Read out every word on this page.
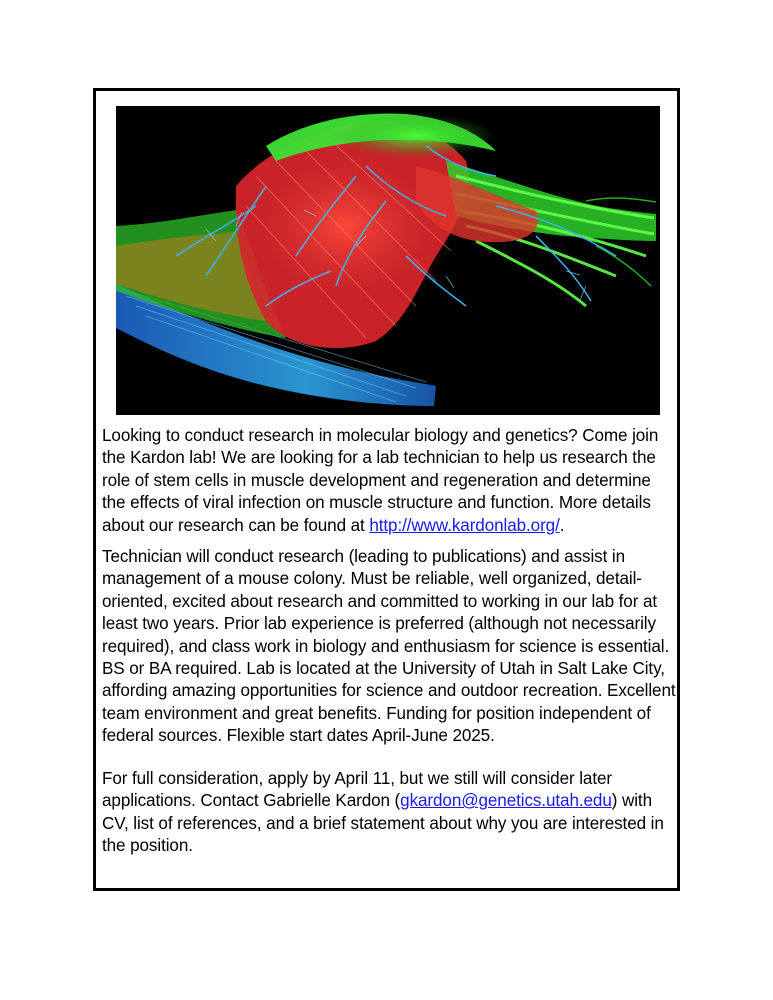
Looking to conduct research in molecular biology and genetics? Come join the Kardon lab! We are looking for a lab technician to help us research the role of stem cells in muscle development and regeneration and determine the effects of viral infection on muscle structure and function. More details about our research can be found at http://www.kardonlab.org/.

Technician will conduct research (leading to publications) and assist in management of a mouse colony. Must be reliable, well organized, detail-oriented, excited about research and committed to working in our lab for at least two years. Prior lab experience is preferred (although not necessarily required), and class work in biology and enthusiasm for science is essential. BS or BA required. Lab is located at the University of Utah in Salt Lake City, affording amazing opportunities for science and outdoor recreation. Excellent team environment and great benefits. Funding for position independent of federal sources. Flexible start dates April-June 2025.

For full consideration, apply by April 11, but we still will consider later applications. Contact Gabrielle Kardon (gkardon@genetics.utah.edu) with CV, list of references, and a brief statement about why you are interested in the position.
